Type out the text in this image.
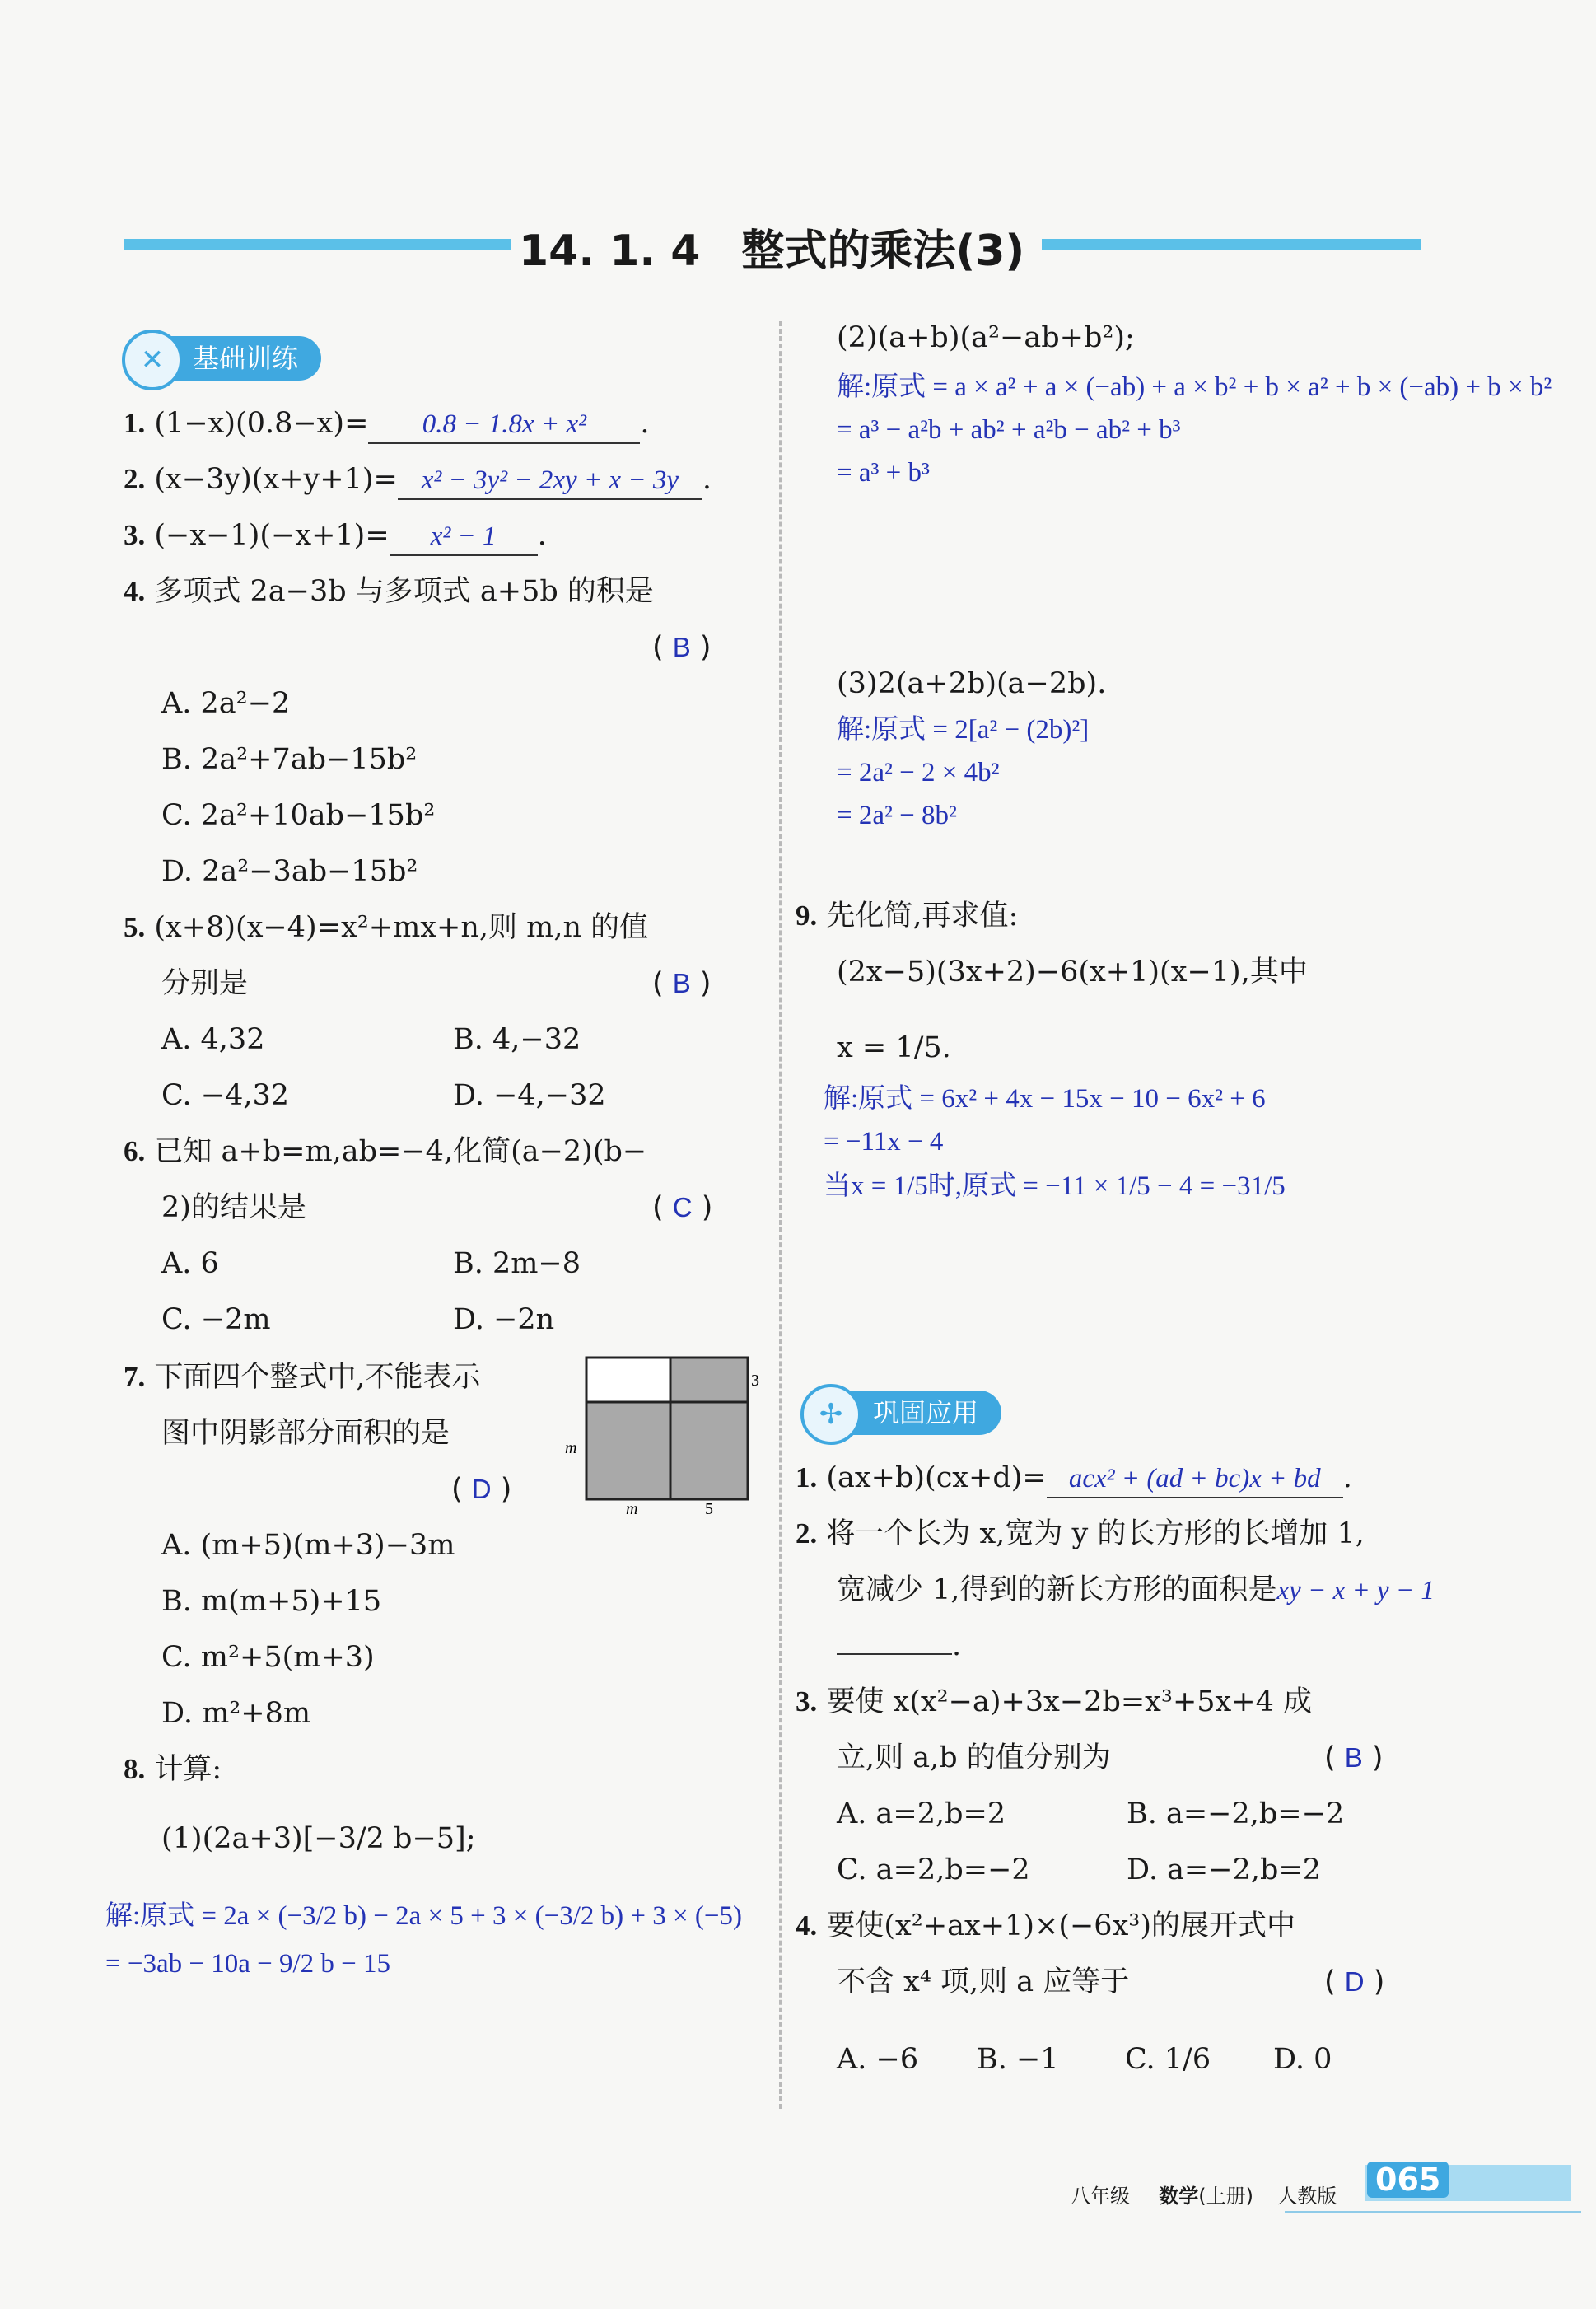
14. 1. 4 整式的乘法(3)
基础训练
✕
1. (1−x)(0.8−x)= 0.8 − 1.8x + x² .
2. (x−3y)(x+y+1)= x² − 3y² − 2xy + x − 3y .
3. (−x−1)(−x+1)= x² − 1 .
4. 多项式 2a−3b 与多项式 a+5b 的积是
( B )
A. 2a²−2
B. 2a²+7ab−15b²
C. 2a²+10ab−15b²
D. 2a²−3ab−15b²
5. (x+8)(x−4)=x²+mx+n,则 m,n 的值
分别是	( B )
A. 4,32	B. 4,−32
C. −4,32	D. −4,−32
6. 已知 a+b=m,ab=−4,化简(a−2)(b−
2)的结果是	( C )
A. 6	B. 2m−8
C. −2m	D. −2n
7. 下面四个整式中,不能表示
图中阴影部分面积的是
( D )
m	5
3
m
A. (m+5)(m+3)−3m
B. m(m+5)+15
C. m²+5(m+3)
D. m²+8m
8. 计算:
(1)(2a+3)[−3/2 b−5];
解:原式 = 2a × (−3/2 b) − 2a × 5 + 3 × (−3/2 b) + 3 × (−5)
= −3ab − 10a − 9/2 b − 15
(2)(a+b)(a²−ab+b²);
解:原式 = a × a² + a × (−ab) + a × b² + b × a² + b × (−ab) + b × b²
= a³ − a²b + ab² + a²b − ab² + b³
= a³ + b³
(3)2(a+2b)(a−2b).
解:原式 = 2[a² − (2b)²]
= 2a² − 2 × 4b²
= 2a² − 8b²
9. 先化简,再求值:
(2x−5)(3x+2)−6(x+1)(x−1),其中
x = 1/5.
解:原式 = 6x² + 4x − 15x − 10 − 6x² + 6
= −11x − 4
当x = 1/5时,原式 = −11 × 1/5 − 4 = −31/5
巩固应用
✢
1. (ax+b)(cx+d)= acx² + (ad + bc)x + bd .
2. 将一个长为 x,宽为 y 的长方形的长增加 1,
宽减少 1,得到的新长方形的面积是xy − x + y − 1
.
3. 要使 x(x²−a)+3x−2b=x³+5x+4 成
立,则 a,b 的值分别为	( B )
A. a=2,b=2	B. a=−2,b=−2
C. a=2,b=−2	D. a=−2,b=2
4. 要使(x²+ax+1)×(−6x³)的展开式中
不含 x⁴ 项,则 a 应等于	( D )
A. −6 B. −1 C. 1/6 D. 0
八年级 数学(上册) 人教版 065
